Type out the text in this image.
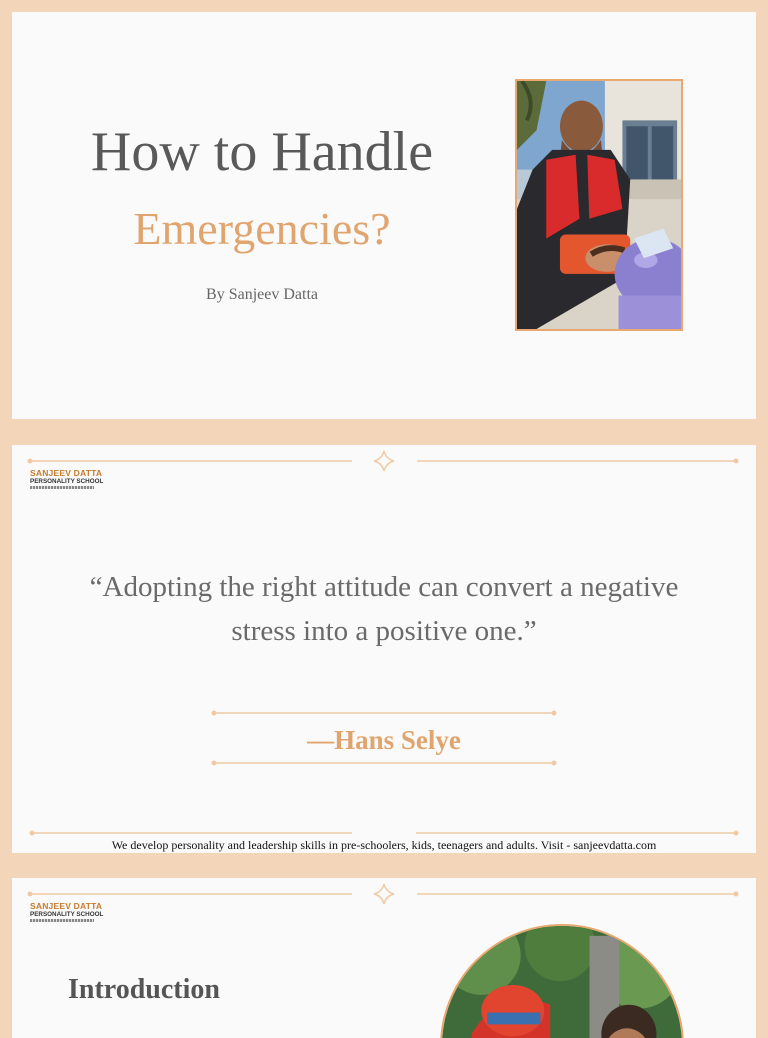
How to Handle
Emergencies?
By Sanjeev Datta
SANJEEV DATTA
PERSONALITY SCHOOL
“Adopting the right attitude can convert a negative stress into a positive one.”
—Hans Selye
We develop personality and leadership skills in pre-schoolers, kids, teenagers and adults. Visit - sanjeevdatta.com
SANJEEV DATTA
PERSONALITY SCHOOL
Introduction
